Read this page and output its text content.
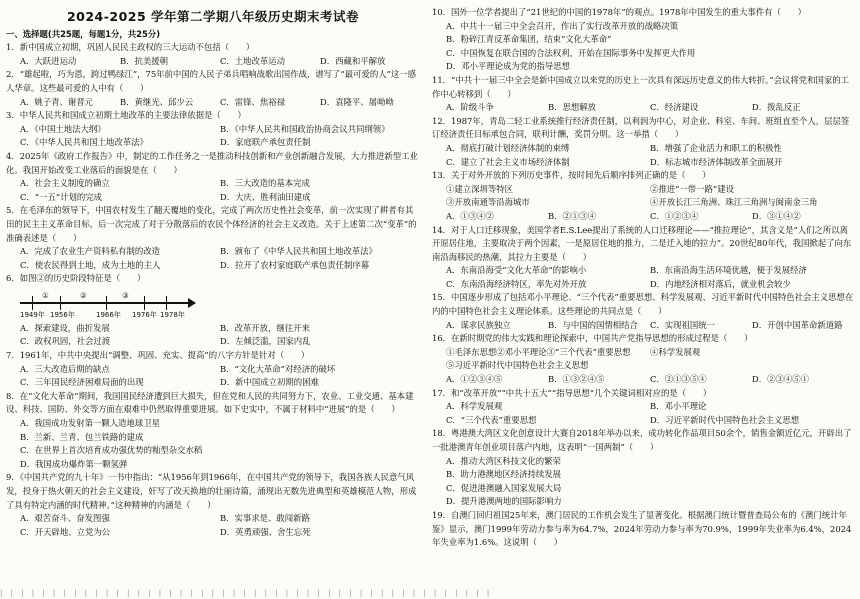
2024-2025 学年第二学期八年级历史期末考试卷
一、选择题(共25题，每题1分，共25分)
1．新中国成立初期，巩固人民民主政权的三大运动不包括（　　）
A．大跃进运动	B．抗美援朝	C．土地改革运动	D．西藏和平解放
2．“雄起啦，巧为恩，跨过鸭绿江”，75年前中国的人民子弟兵唱响战歌出国作战，谱写了“最可爱的人”这一感人华章。这些最可爱的人中有（　　）
A．姚子青、谢晋元	B．黄继光、邱少云	C．雷锋、焦裕禄	D．袁隆平、屠呦呦
3．中华人民共和国成立初期土地改革的主要法律依据是（　　）
A．《中国土地法大纲》	B．《中华人民共和国政治协商会议共同纲领》
C．《中华人民共和国土地改革法》	D．家庭联产承包责任制
4．2025年《政府工作报告》中，制定的工作任务之一是推动科技创新和产业创新融合发展，大力推进新型工业化。我国开始改变工业落后的面貌是在（　　）
A．社会主义制度的确立	B．三大改造的基本完成
C．“一五”计划的完成	D．大庆、胜利油田建成
5．在毛泽东的领导下，中国农村发生了翻天覆地的变化，完成了两次历史性社会变革，前一次实现了耕者有其田的民主主义革命目标，后一次完成了对于分散落后的农民个体经济的社会主义改造。关于上述第二次“变革”的准确表述是（　　）
A．完成了农业生产资料私有制的改造	B．颁布了《中华人民共和国土地改革法》
C．使农民得到土地，成为土地的主人	D．拉开了农村家庭联产承包责任制序幕
6．如图②的历史阶段特征是（　　）
①	②	③
1949年 1956年	1966年 1976年 1978年
A．探索建设，曲折发展	B．改革开放，继往开来
C．政权巩固，社会过渡	D．左倾泛滥，国家内乱
7．1961年，中共中央提出“调整、巩固、充实、提高”的八字方针是针对（　　）
A．三大改造后期的缺点	B．“文化大革命”对经济的破坏
C．三年国民经济困难局面的出现	D．新中国成立初期的困难
8．在“文化大革命”期间，我国国民经济遭到巨大损失，但在党和人民的共同努力下，农业、工业交通、基本建设、科技、国防、外交等方面在艰难中仍然取得重要进展。如下史实中，不属于材料中“进展”的是（　　）
A．我国成功发射第一颗人造地球卫星
B．兰新、兰青、包兰铁路的建成
C．在世界上首次培育成功强优势的籼型杂交水稻
D．我国成功爆炸第一颗氢弹
9．《中国共产党的九十年》一书中指出：“从1956年到1966年，在中国共产党的领导下，我国各族人民意气风发，投身于热火朝天的社会主义建设，奸写了改天换地的壮丽诗篇，涌现出无数先进典型和英雄模范人物，形成了具有特定内涵的时代精神。”这种精神的内涵是（　　）
A．艰苦奋斗、奋发图强	B．实事求是、敢闯新路
C．开天辟地、立党为公	D．英勇顽强、舍生忘死
10．国外一位学者提出了“21世纪的中国的1978年”的观点。1978年中国发生的重大事件有（　　）
A．中共十一届三中全会召开，作出了实行改革开放的战略决策
B．粉碎江青反革命集团，结束“文化大革命”
C．中国恢复在联合国的合法权利，开始在国际事务中发挥更大作用
D．邓小平理论成为党的指导思想
11．“中共十一届三中全会是新中国成立以来党的历史上一次具有深远历史意义的伟大转折。”会议将党和国家的工作中心转移到（　　）
A．阶级斗争	B．思想解放	C．经济建设	D．拨乱反正
12．1987年，青岛二轻工业系统推行经济责任制，以利润为中心，对企业、科室、车间、班组直至个人，层层签订经济责任目标承包合同，联利计酬，奖罚分明。这一举措（　　）
A．彻底打破计划经济体制的束缚	B．增强了企业活力和职工的积极性
C．建立了社会主义市场经济体制	D．标志城市经济体制改革全面展开
13．关于对外开放的下列历史事件，按时间先后顺序排列正确的是（　　）
①建立深圳等特区	②推进“一带一路”建设
③开放南通等沿海城市	④开放长江三角洲、珠江三角洲与闽南金三角
A．①③④②	B．②①③④	C．①②③④	D．③①④②
14．对于人口迁移现象，美国学者E.S.Lee提出了系统的人口迁移理论——“推拉理论”，其含义是“人们之所以离开原居住地，主要取决于两个因素，一是原居住地的推力，二是迁入地的拉力”。20世纪80年代，我国掀起了向东南沿海移民的热潮，其拉力主要是（　　）
A．东南沿海受“文化大革命”的影响小	B．东南沿海生活环境优越，便于发展经济
C．东南沿海经济特区，率先对外开放	D．内地经济相对落后，就业机会较少
15．中国逐步形成了包括邓小平理论、“三个代表”重要思想、科学发展观、习近平新时代中国特色社会主义思想在内的中国特色社会主义理论体系。这些理论的共同点是（　　）
A．谋求民族独立	B．与中国的国情相结合	C．实现祖国统一	D．开创中国革命新道路
16．在新时期党的伟大实践和理论探索中，中国共产党指导思想的形成过程是（　　）
①毛泽东思想②邓小平理论③“三个代表”重要思想	④科学发展观
⑤习近平新时代中国特色社会主义思想
A．①②③④⑤	B．①③②④⑤	C．②①③⑤④	D．②③④⑤①
17．和“改革开放”“中共十五大”“指导思想”几个关键词相对应的是（　　）
A．科学发展观	B．邓小平理论
C．“三个代表”重要思想	D．习近平新时代中国特色社会主义思想
18．粤港澳大湾区文化创意设计大赛自2018年举办以来，成功转化作品项目50余个，销售金额近亿元，开辟出了一批港澳青年创业项目落户内地，这表明“一国两制”（　　）
A．推动大湾区科技文化的繁荣
B．助力港澳地区经济持续发展
C．促进港澳融入国家发展大局
D．提升港澳两地的国际影响力
19．自澳门回归祖国25年来，澳门居民的工作机会发生了显著变化。根据澳门统计暨普查局公布的《澳门统计年鉴》显示，澳门1999年劳动力参与率为64.7%，2024年劳动力参与率为70.9%，1999年失业率为6.4%，2024年失业率为1.6%。这说明（　　）
| | | | | | | | | | | | | | | | | | | | | | | | | | | | | | | | | | | | | | | | | | | | | | |
